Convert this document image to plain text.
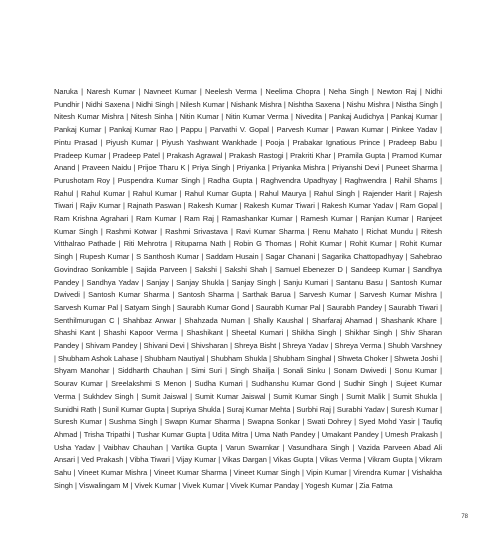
Naruka | Naresh Kumar | Navneet Kumar | Neelesh Verma | Neelima Chopra | Neha Singh | Newton Raj | Nidhi Pundhir | Nidhi Saxena | Nidhi Singh | Nilesh Kumar | Nishank Mishra | Nishtha Saxena | Nishu Mishra | Nistha Singh | Nitesh Kumar Mishra | Nitesh Sinha | Nitin Kumar | Nitin Kumar Verma | Nivedita | Pankaj Audichya | Pankaj Kumar | Pankaj Kumar | Pankaj Kumar Rao | Pappu | Parvathi V. Gopal | Parvesh Kumar | Pawan Kumar | Pinkee Yadav | Pintu Prasad | Piyush Kumar | Piyush Yashwant Wankhade | Pooja | Prabakar Ignatious Prince | Pradeep Babu | Pradeep Kumar | Pradeep Patel | Prakash Agrawal | Prakash Rastogi | Prakriti Khar | Pramila Gupta | Pramod Kumar Anand | Praveen Naidu | Prijoe Tharu K | Priya Singh | Priyanka | Priyanka Mishra | Priyanshi Devi | Puneet Sharma | Purushotam Roy | Puspendra Kumar Singh | Radha Gupta | Raghvendra Upadhyay | Raghwendra | Rahil Shams | Rahul | Rahul Kumar | Rahul Kumar | Rahul Kumar Gupta | Rahul Maurya | Rahul Singh | Rajender Harit | Rajesh Tiwari | Rajiv Kumar | Rajnath Paswan | Rakesh Kumar | Rakesh Kumar Tiwari | Rakesh Kumar Yadav | Ram Gopal | Ram Krishna Agrahari | Ram Kumar | Ram Raj | Ramashankar Kumar | Ramesh Kumar | Ranjan Kumar | Ranjeet Kumar Singh | Rashmi Kotwar | Rashmi Srivastava | Ravi Kumar Sharma | Renu Mahato | Richat Mundu | Ritesh Vitthalrao Pathade | Riti Mehrotra | Rituparna Nath | Robin G Thomas | Rohit Kumar | Rohit Kumar | Rohit Kumar Singh | Rupesh Kumar | S Santhosh Kumar | Saddam Husain | Sagar Chanani | Sagarika Chattopadhyay | Sahebrao Govindrao Sonkamble | Sajida Parveen | Sakshi | Sakshi Shah | Samuel Ebenezer D | Sandeep Kumar | Sandhya Pandey | Sandhya Yadav | Sanjay | Sanjay Shukla | Sanjay Singh | Sanju Kumari | Santanu Basu | Santosh Kumar Dwivedi | Santosh Kumar Sharma | Santosh Sharma | Sarthak Barua | Sarvesh Kumar | Sarvesh Kumar Mishra | Sarvesh Kumar Pal | Satyam Singh | Saurabh Kumar Gond | Saurabh Kumar Pal | Saurabh Pandey | Saurabh Tiwari | Senthilmurugan C | Shahbaz Anwar | Shahzada Numan | Shally Kaushal | Sharfaraj Ahamad | Shashank Khare | Shashi Kant | Shashi Kapoor Verma | Shashikant | Sheetal Kumari | Shikha Singh | Shikhar Singh | Shiv Sharan Pandey | Shivam Pandey | Shivani Devi | Shivsharan | Shreya Bisht | Shreya Yadav | Shreya Verma | Shubh Varshney | Shubham Ashok Lahase | Shubham Nautiyal | Shubham Shukla | Shubham Singhal | Shweta Choker | Shweta Joshi | Shyam Manohar | Siddharth Chauhan | Simi Suri | Singh Shailja | Sonali Sinku | Sonam Dwivedi | Sonu Kumar | Sourav Kumar | Sreelakshmi S Menon | Sudha Kumari | Sudhanshu Kumar Gond | Sudhir Singh | Sujeet Kumar Verma | Sukhdev Singh | Sumit Jaiswal | Sumit Kumar Jaiswal | Sumit Kumar Singh | Sumit Malik | Sumit Shukla | Sunidhi Rath | Sunil Kumar Gupta | Supriya Shukla | Suraj Kumar Mehta | Surbhi Raj | Surabhi Yadav | Suresh Kumar | Suresh Kumar | Sushma Singh | Swapn Kumar Sharma | Swapna Sonkar | Swati Dohrey | Syed Mohd Yasir | Taufiq Ahmad | Trisha Tripathi | Tushar Kumar Gupta | Udita Mitra | Uma Nath Pandey | Umakant Pandey | Umesh Prakash | Usha Yadav | Vaibhav Chauhan | Vartika Gupta | Varun Swarnkar | Vasundhara Singh | Vazida Parveen Abad Ali Ansari | Ved Prakash | Vibha Tiwari | Vijay Kumar | Vikas Dargan | Vikas Gupta | Vikas Verma | Vikram Gupta | Vikram Sahu | Vineet Kumar Mishra | Vineet Kumar Sharma | Vineet Kumar Singh | Vipin Kumar | Virendra Kumar | Vishakha Singh | Viswalingam M | Vivek Kumar | Vivek Kumar | Vivek Kumar Panday | Yogesh Kumar | Zia Fatma

78
